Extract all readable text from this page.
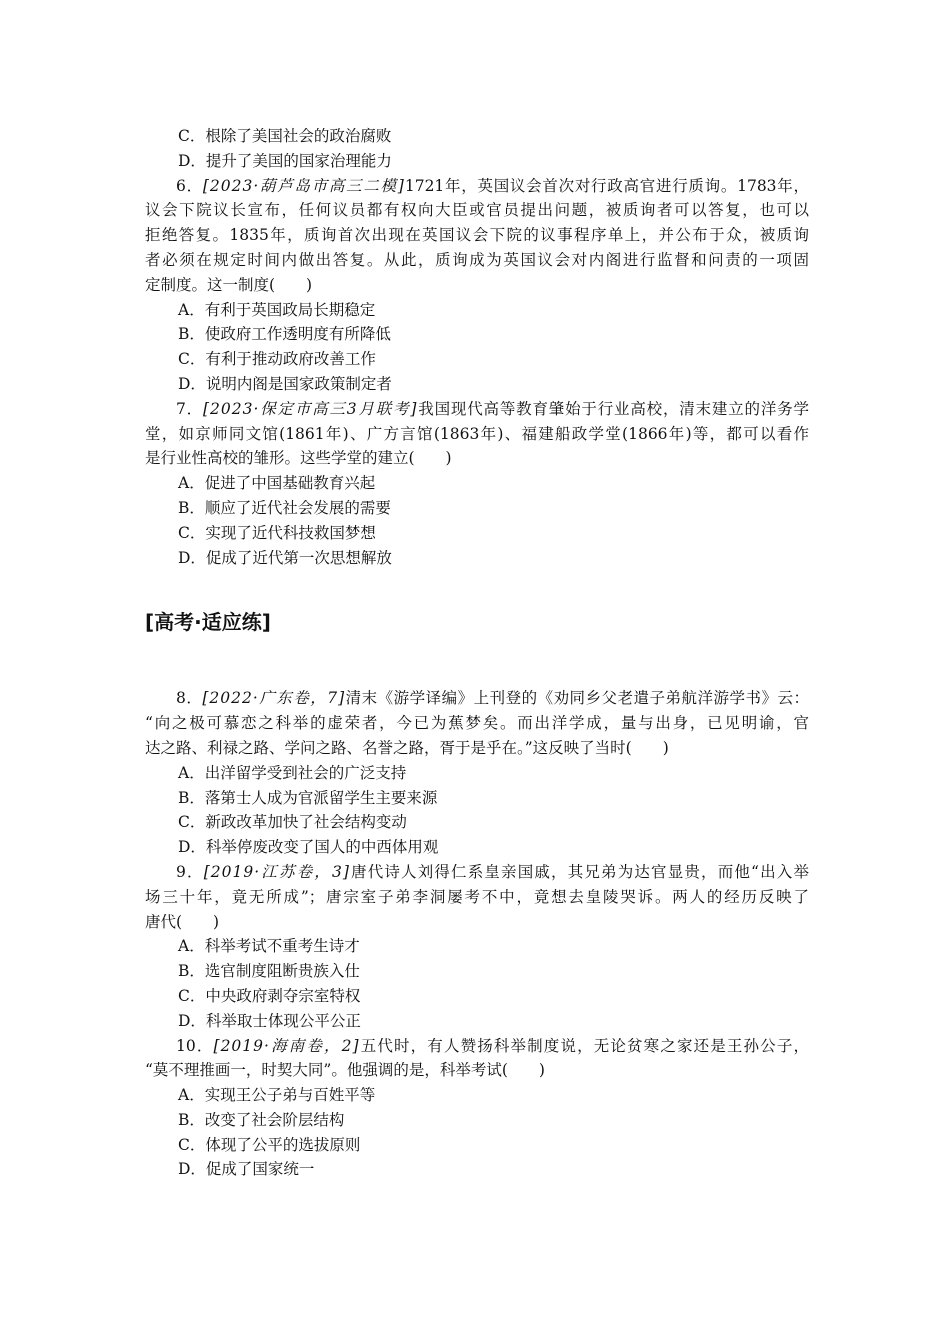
C．根除了美国社会的政治腐败
D．提升了美国的国家治理能力
6．[2023·葫芦岛市高三二模]1721年，英国议会首次对行政高官进行质询。1783年，
议会下院议长宣布，任何议员都有权向大臣或官员提出问题，被质询者可以答复，也可以
拒绝答复。1835年，质询首次出现在英国议会下院的议事程序单上，并公布于众，被质询
者必须在规定时间内做出答复。从此，质询成为英国议会对内阁进行监督和问责的一项固
定制度。这一制度(　　)
A．有利于英国政局长期稳定
B．使政府工作透明度有所降低
C．有利于推动政府改善工作
D．说明内阁是国家政策制定者
7．[2023·保定市高三3月联考]我国现代高等教育肇始于行业高校，清末建立的洋务学
堂，如京师同文馆(1861年)、广方言馆(1863年)、福建船政学堂(1866年)等，都可以看作
是行业性高校的雏形。这些学堂的建立(　　)
A．促进了中国基础教育兴起
B．顺应了近代社会发展的需要
C．实现了近代科技救国梦想
D．促成了近代第一次思想解放
[高考·适应练]
8．[2022·广东卷，7]清末《游学译编》上刊登的《劝同乡父老遣子弟航洋游学书》云：
“向之极可慕恋之科举的虚荣者，今已为蕉梦矣。而出洋学成，量与出身，已见明谕，官
达之路、利禄之路、学问之路、名誉之路，胥于是乎在。”这反映了当时(　　)
A．出洋留学受到社会的广泛支持
B．落第士人成为官派留学生主要来源
C．新政改革加快了社会结构变动
D．科举停废改变了国人的中西体用观
9．[2019·江苏卷，3]唐代诗人刘得仁系皇亲国戚，其兄弟为达官显贵，而他“出入举
场三十年，竟无所成”；唐宗室子弟李洞屡考不中，竟想去皇陵哭诉。两人的经历反映了
唐代(　　)
A．科举考试不重考生诗才
B．选官制度阻断贵族入仕
C．中央政府剥夺宗室特权
D．科举取士体现公平公正
10．[2019·海南卷，2]五代时，有人赞扬科举制度说，无论贫寒之家还是王孙公子，
“莫不理推画一，时契大同”。他强调的是，科举考试(　　)
A．实现王公子弟与百姓平等
B．改变了社会阶层结构
C．体现了公平的选拔原则
D．促成了国家统一
